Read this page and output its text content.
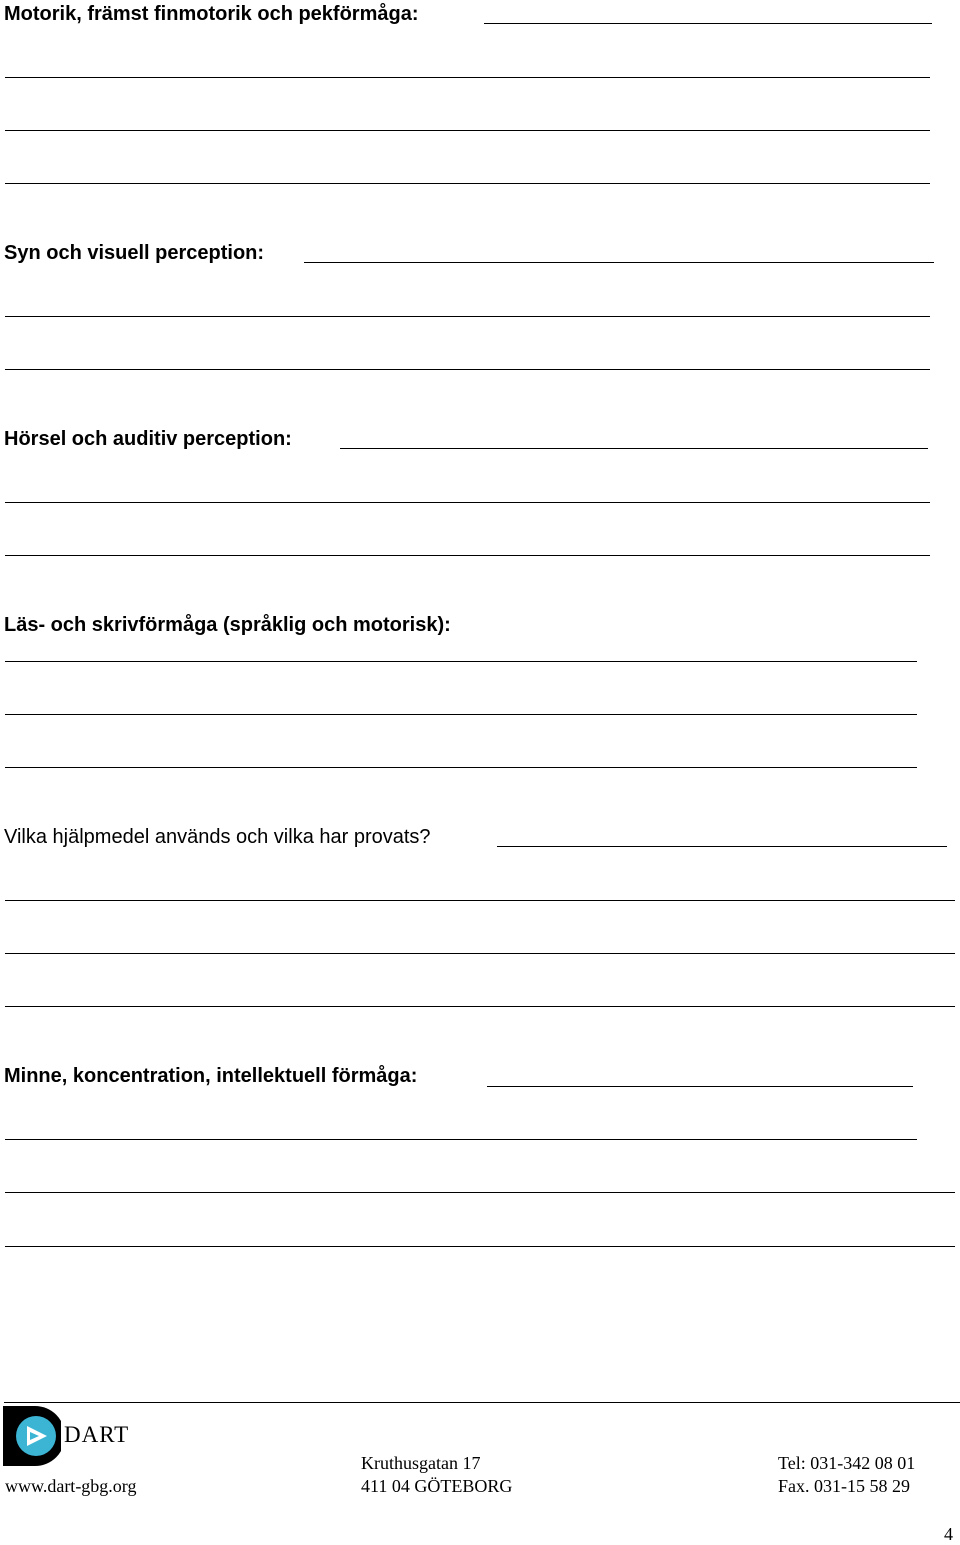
Motorik, främst finmotorik och pekförmåga:
Syn och visuell perception:
Hörsel och auditiv perception:
Läs- och skrivförmåga (språklig och motorisk):
Vilka hjälpmedel används och vilka har provats?
Minne, koncentration, intellektuell förmåga:
DART
www.dart-gbg.org
Kruthusgatan 17
411 04 GÖTEBORG
Tel: 031-342 08 01
Fax. 031-15 58 29
4
